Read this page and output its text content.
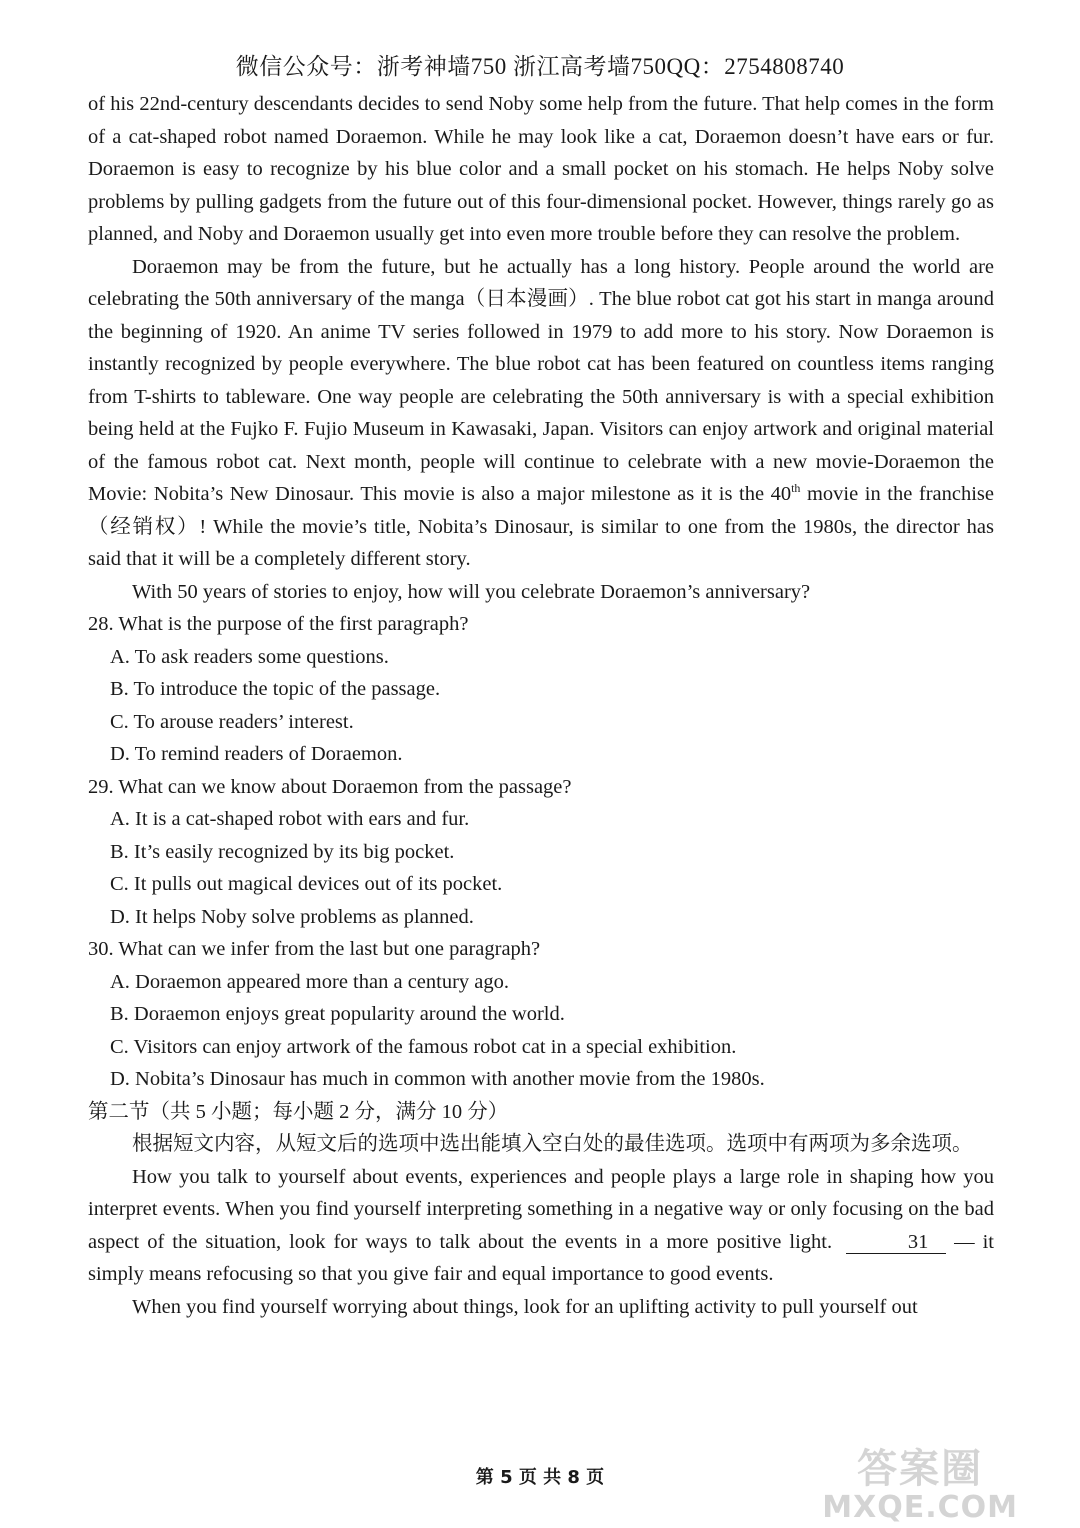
微信公众号：浙考神墙750 浙江高考墙750QQ：2754808740

of his 22nd-century descendants decides to send Noby some help from the future. That help comes in the form of a cat-shaped robot named Doraemon. While he may look like a cat, Doraemon doesn’t have ears or fur. Doraemon is easy to recognize by his blue color and a small pocket on his stomach. He helps Noby solve problems by pulling gadgets from the future out of this four-dimensional pocket. However, things rarely go as planned, and Noby and Doraemon usually get into even more trouble before they can resolve the problem.

Doraemon may be from the future, but he actually has a long history. People around the world are celebrating the 50th anniversary of the manga（日本漫画）. The blue robot cat got his start in manga around the beginning of 1920. An anime TV series followed in 1979 to add more to his story. Now Doraemon is instantly recognized by people everywhere. The blue robot cat has been featured on countless items ranging from T-shirts to tableware. One way people are celebrating the 50th anniversary is with a special exhibition being held at the Fujko F. Fujio Museum in Kawasaki, Japan. Visitors can enjoy artwork and original material of the famous robot cat. Next month, people will continue to celebrate with a new movie-Doraemon the Movie: Nobita’s New Dinosaur. This movie is also a major milestone as it is the 40th movie in the franchise（经销权）! While the movie’s title, Nobita’s Dinosaur, is similar to one from the 1980s, the director has said that it will be a completely different story.

With 50 years of stories to enjoy, how will you celebrate Doraemon’s anniversary?

28. What is the purpose of the first paragraph?

A. To ask readers some questions.

B. To introduce the topic of the passage.

C. To arouse readers’ interest.

D. To remind readers of Doraemon.

29. What can we know about Doraemon from the passage?

A. It is a cat-shaped robot with ears and fur.

B. It’s easily recognized by its big pocket.

C. It pulls out magical devices out of its pocket.

D. It helps Noby solve problems as planned.

30. What can we infer from the last but one paragraph?

A. Doraemon appeared more than a century ago.

B. Doraemon enjoys great popularity around the world.

C. Visitors can enjoy artwork of the famous robot cat in a special exhibition.

D. Nobita’s Dinosaur has much in common with another movie from the 1980s.

第二节（共 5 小题；每小题 2 分，满分 10 分）

根据短文内容，从短文后的选项中选出能填入空白处的最佳选项。选项中有两项为多余选项。

How you talk to yourself about events, experiences and people plays a large role in shaping how you interpret events. When you find yourself interpreting something in a negative way or only focusing on the bad aspect of the situation, look for ways to talk about the events in a more positive light.	31 — it simply means refocusing so that you give fair and equal importance to good events.

When you find yourself worrying about things, look for an uplifting activity to pull yourself out

第 5 页 共 8 页	答案圈
MXQE.COM
